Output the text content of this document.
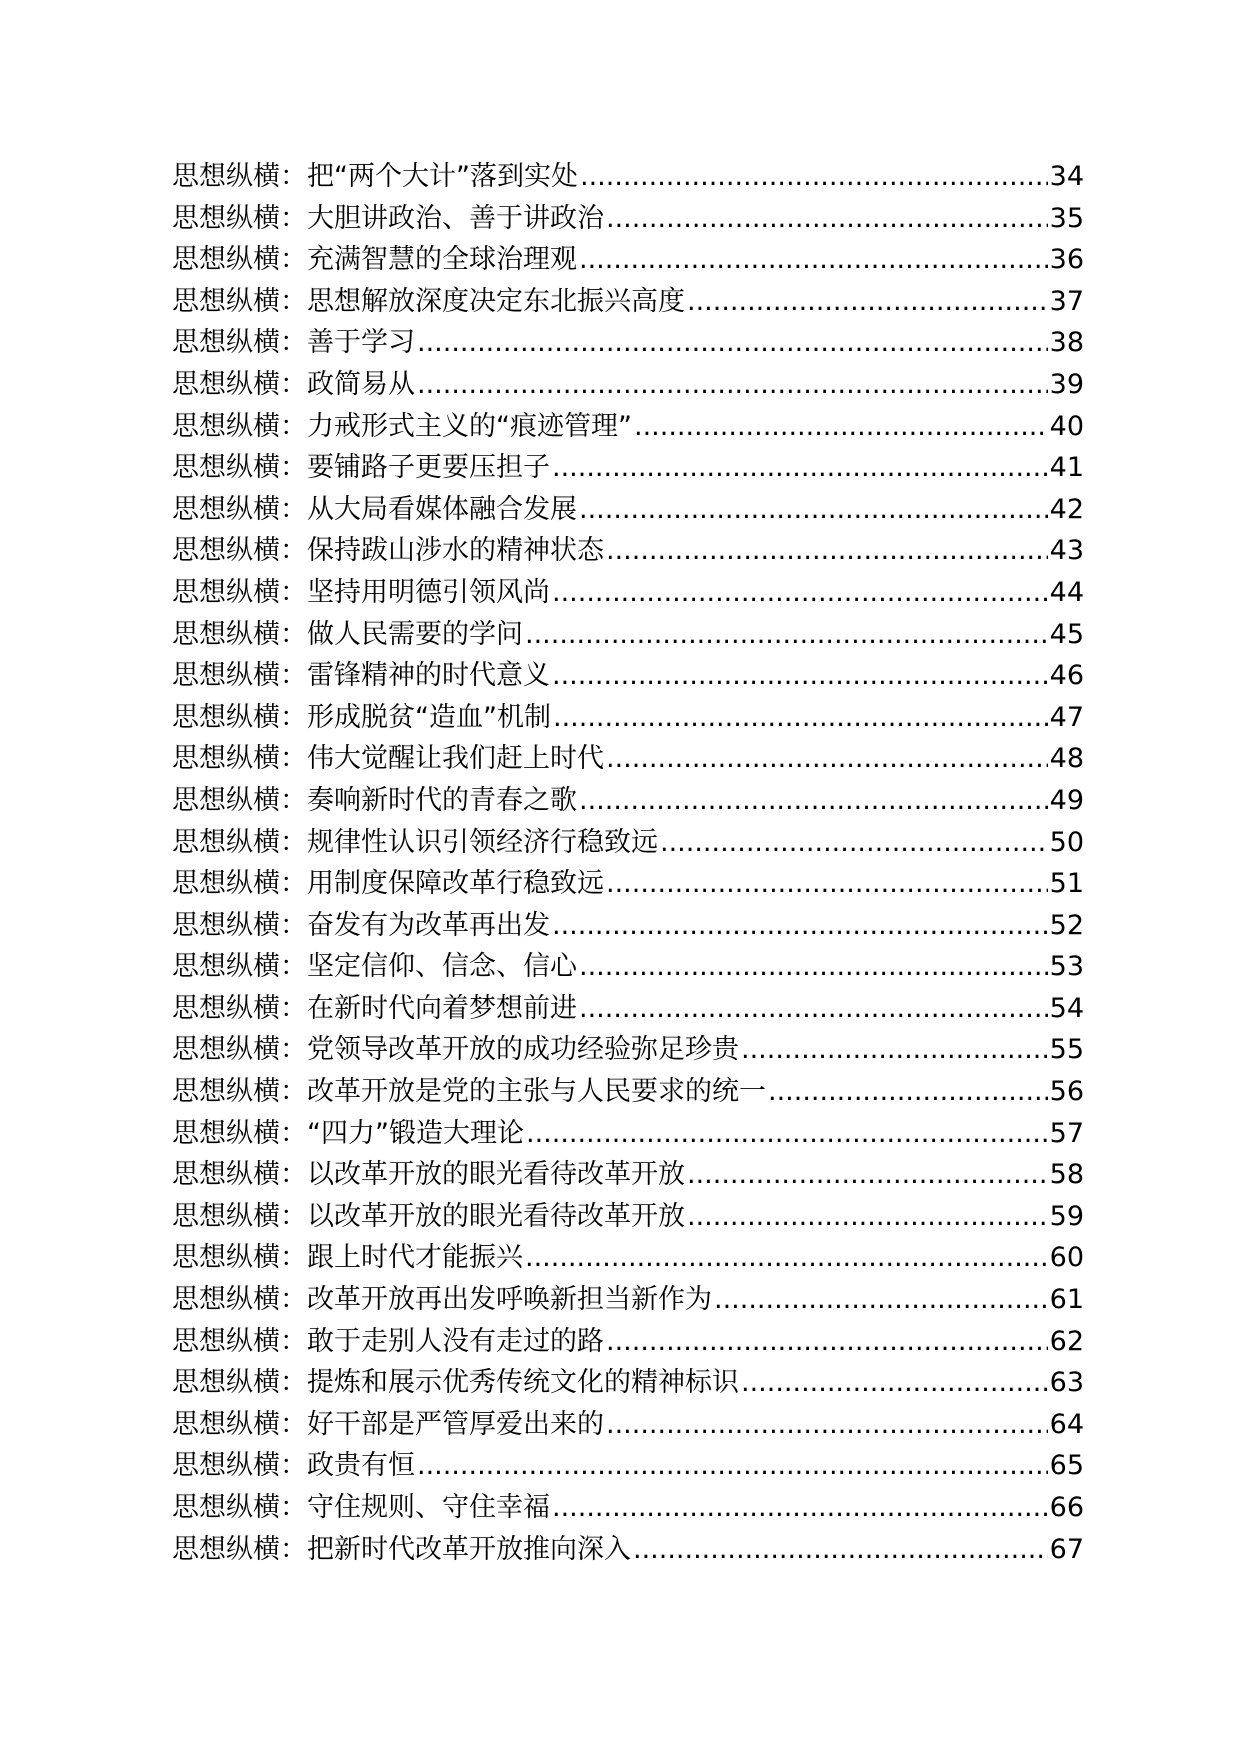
思想纵横：把“两个大计”落到实处 .....	34
思想纵横：大胆讲政治、善于讲政治 .....	35
思想纵横：充满智慧的全球治理观 .....	36
思想纵横：思想解放深度决定东北振兴高度 .....	37
思想纵横：善于学习 .....	38
思想纵横：政简易从 .....	39
思想纵横：力戒形式主义的“痕迹管理” .....	40
思想纵横：要铺路子更要压担子 .....	41
思想纵横：从大局看媒体融合发展 .....	42
思想纵横：保持跋山涉水的精神状态 .....	43
思想纵横：坚持用明德引领风尚 .....	44
思想纵横：做人民需要的学问 .....	45
思想纵横：雷锋精神的时代意义 .....	46
思想纵横：形成脱贫“造血”机制 .....	47
思想纵横：伟大觉醒让我们赶上时代 .....	48
思想纵横：奏响新时代的青春之歌 .....	49
思想纵横：规律性认识引领经济行稳致远 .....	50
思想纵横：用制度保障改革行稳致远 .....	51
思想纵横：奋发有为改革再出发 .....	52
思想纵横：坚定信仰、信念、信心 .....	53
思想纵横：在新时代向着梦想前进 .....	54
思想纵横：党领导改革开放的成功经验弥足珍贵 .....	55
思想纵横：改革开放是党的主张与人民要求的统一 .....	56
思想纵横：“四力”锻造大理论 .....	57
思想纵横：以改革开放的眼光看待改革开放 .....	58
思想纵横：以改革开放的眼光看待改革开放 .....	59
思想纵横：跟上时代才能振兴 .....	60
思想纵横：改革开放再出发呼唤新担当新作为 .....	61
思想纵横：敢于走别人没有走过的路 .....	62
思想纵横：提炼和展示优秀传统文化的精神标识 .....	63
思想纵横：好干部是严管厚爱出来的 .....	64
思想纵横：政贵有恒 .....	65
思想纵横：守住规则、守住幸福 .....	66
思想纵横：把新时代改革开放推向深入 .....	67
